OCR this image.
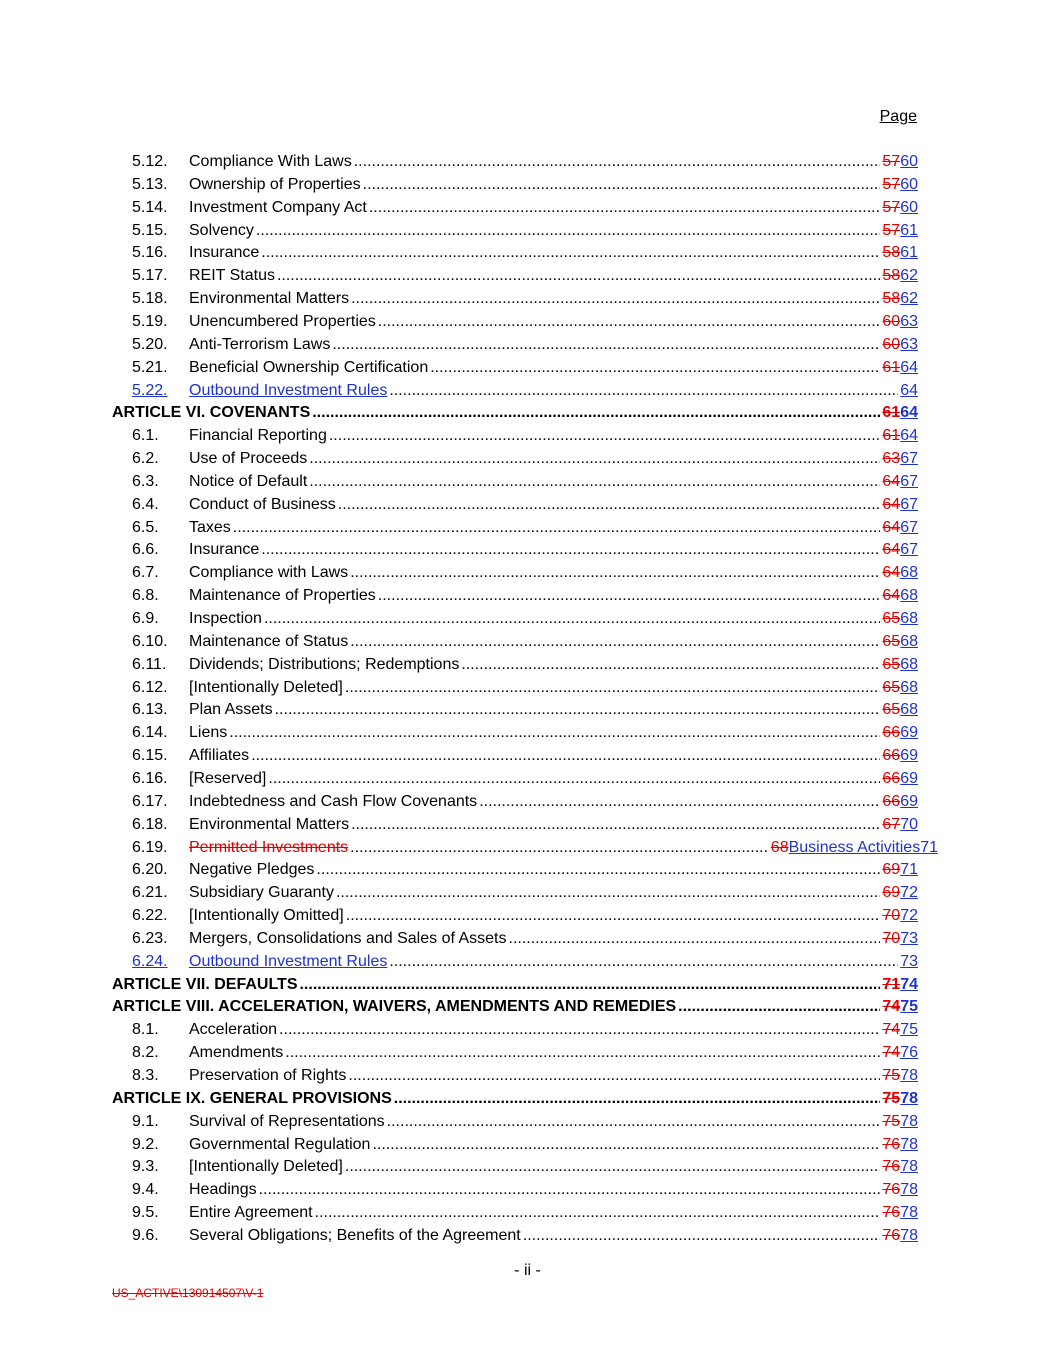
Page
5.12. Compliance With Laws .....	5760
5.13. Ownership of Properties .....	5760
5.14. Investment Company Act .....	5760
5.15. Solvency .....	5761
5.16. Insurance .....	5861
5.17. REIT Status .....	5862
5.18. Environmental Matters .....	5862
5.19. Unencumbered Properties .....	6063
5.20. Anti-Terrorism Laws .....	6063
5.21. Beneficial Ownership Certification .....	6164
5.22. Outbound Investment Rules .....	64
ARTICLE VI. COVENANTS .....	6164
6.1. Financial Reporting .....	6164
6.2. Use of Proceeds .....	6367
6.3. Notice of Default .....	6467
6.4. Conduct of Business .....	6467
6.5. Taxes .....	6467
6.6. Insurance .....	6467
6.7. Compliance with Laws .....	6468
6.8. Maintenance of Properties .....	6468
6.9. Inspection .....	6568
6.10. Maintenance of Status .....	6568
6.11. Dividends; Distributions; Redemptions .....	6568
6.12. [Intentionally Deleted] .....	6568
6.13. Plan Assets .....	6568
6.14. Liens .....	6669
6.15. Affiliates .....	6669
6.16. [Reserved] .....	6669
6.17. Indebtedness and Cash Flow Covenants .....	6669
6.18. Environmental Matters .....	6770
6.19. Permitted Investments .....	68Business Activities71
6.20. Negative Pledges .....	6971
6.21. Subsidiary Guaranty .....	6972
6.22. [Intentionally Omitted] .....	7072
6.23. Mergers, Consolidations and Sales of Assets .....	7073
6.24. Outbound Investment Rules .....	73
ARTICLE VII. DEFAULTS .....	7174
ARTICLE VIII. ACCELERATION, WAIVERS, AMENDMENTS AND REMEDIES .....	7475
8.1. Acceleration .....	7475
8.2. Amendments .....	7476
8.3. Preservation of Rights .....	7578
ARTICLE IX. GENERAL PROVISIONS .....	7578
9.1. Survival of Representations .....	7578
9.2. Governmental Regulation .....	7678
9.3. [Intentionally Deleted] .....	7678
9.4. Headings .....	7678
9.5. Entire Agreement .....	7678
9.6. Several Obligations; Benefits of the Agreement .....	7678
- ii -
US_ACTIVE\130914507\V-1
